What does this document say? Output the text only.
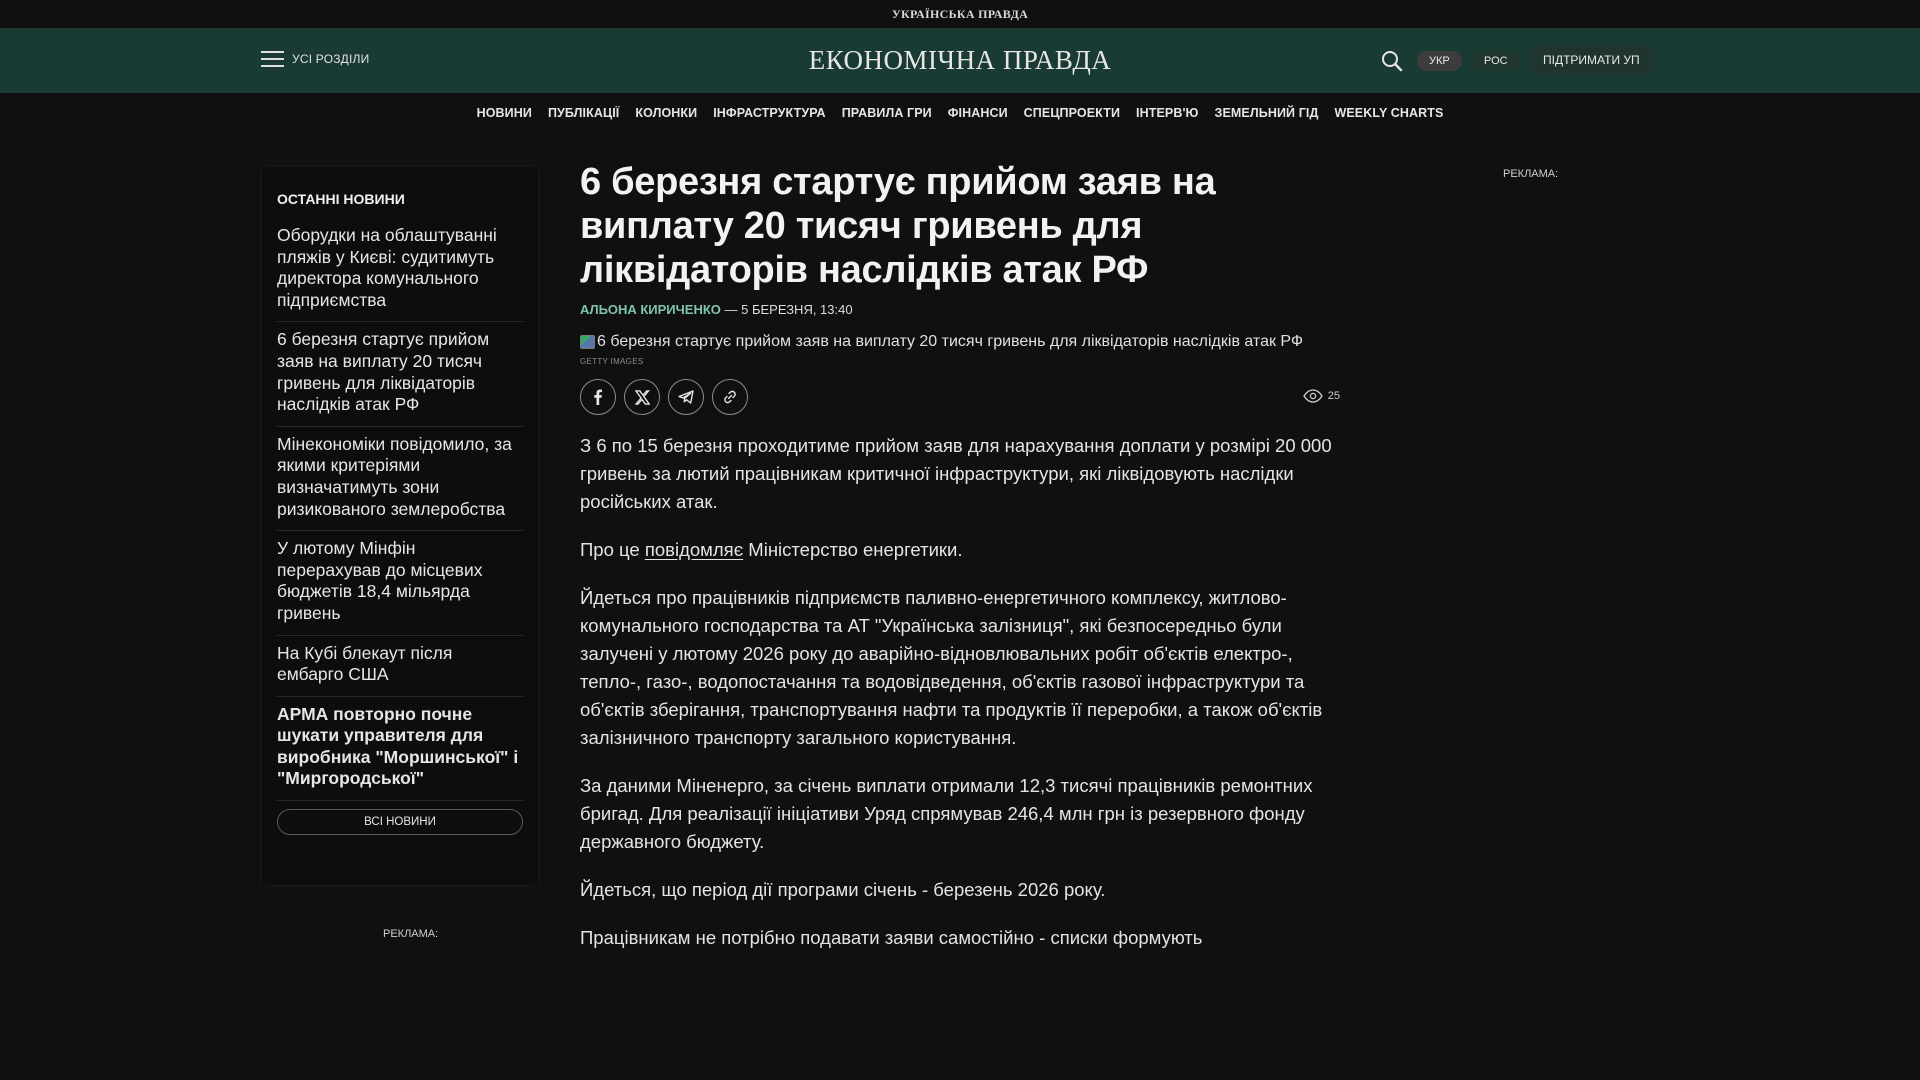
УКРАЇНСЬКА ПРАВДА
УСІ РОЗДІЛИ	ЕКОНОМІЧНА ПРАВДА	УКР	РОС	ПІДТРИМАТИ УП
НОВИНИ ПУБЛІКАЦІЇ КОЛОНКИ ІНФРАСТРУКТУРА ПРАВИЛА ГРИ ФІНАНСИ СПЕЦПРОЕКТИ ІНТЕРВ'Ю ЗЕМЕЛЬНИЙ ГІД WEEKLY CHARTS
ОСТАННІ НОВИНИ
Оборудки на облаштуванні пляжів у Києві: судитимуть директора комунального підприємства
6 березня стартує прийом заяв на виплату 20 тисяч гривень для ліквідаторів наслідків атак РФ
Мінекономіки повідомило, за якими критеріями визначатимуть зони ризикованого землеробства
У лютому Мінфін перерахував до місцевих бюджетів 18,4 мільярда гривень
На Кубі блекаут після ембарго США
АРМА повторно почне шукати управителя для виробника "Моршинської" і "Миргородської"
ВСІ НОВИНИ
РЕКЛАМА:
РЕКЛАМА:
6 березня стартує прийом заяв на виплату 20 тисяч гривень для ліквідаторів наслідків атак РФ
АЛЬОНА КИРИЧЕНКО — 5 БЕРЕЗНЯ, 13:40
6 березня стартує прийом заяв на виплату 20 тисяч гривень для ліквідаторів наслідків атак РФ
GETTY IMAGES
25

З 6 по 15 березня проходитиме прийом заяв для нарахування доплати у розмірі 20 000 гривень за лютий працівникам критичної інфраструктури, які ліквідовують наслідки російських атак.

Про це повідомляє Міністерство енергетики.

Йдеться про працівників підприємств паливно-енергетичного комплексу, житлово-комунального господарства та АТ "Українська залізниця", які безпосередньо були залучені у лютому 2026 року до аварійно-відновлювальних робіт об'єктів електро-, тепло-, газо-, водопостачання та водовідведення, об'єктів газової інфраструктури та об'єктів зберігання, транспортування нафти та продуктів її переробки, а також об'єктів залізничного транспорту загального користування.

За даними Міненерго, за січень виплати отримали 12,3 тисячі працівників ремонтних бригад. Для реалізації ініціативи Уряд спрямував 246,4 млн грн із резервного фонду державного бюджету.

Йдеться, що період дії програми січень - березень 2026 року.

Працівникам не потрібно подавати заяви самостійно - списки формують
